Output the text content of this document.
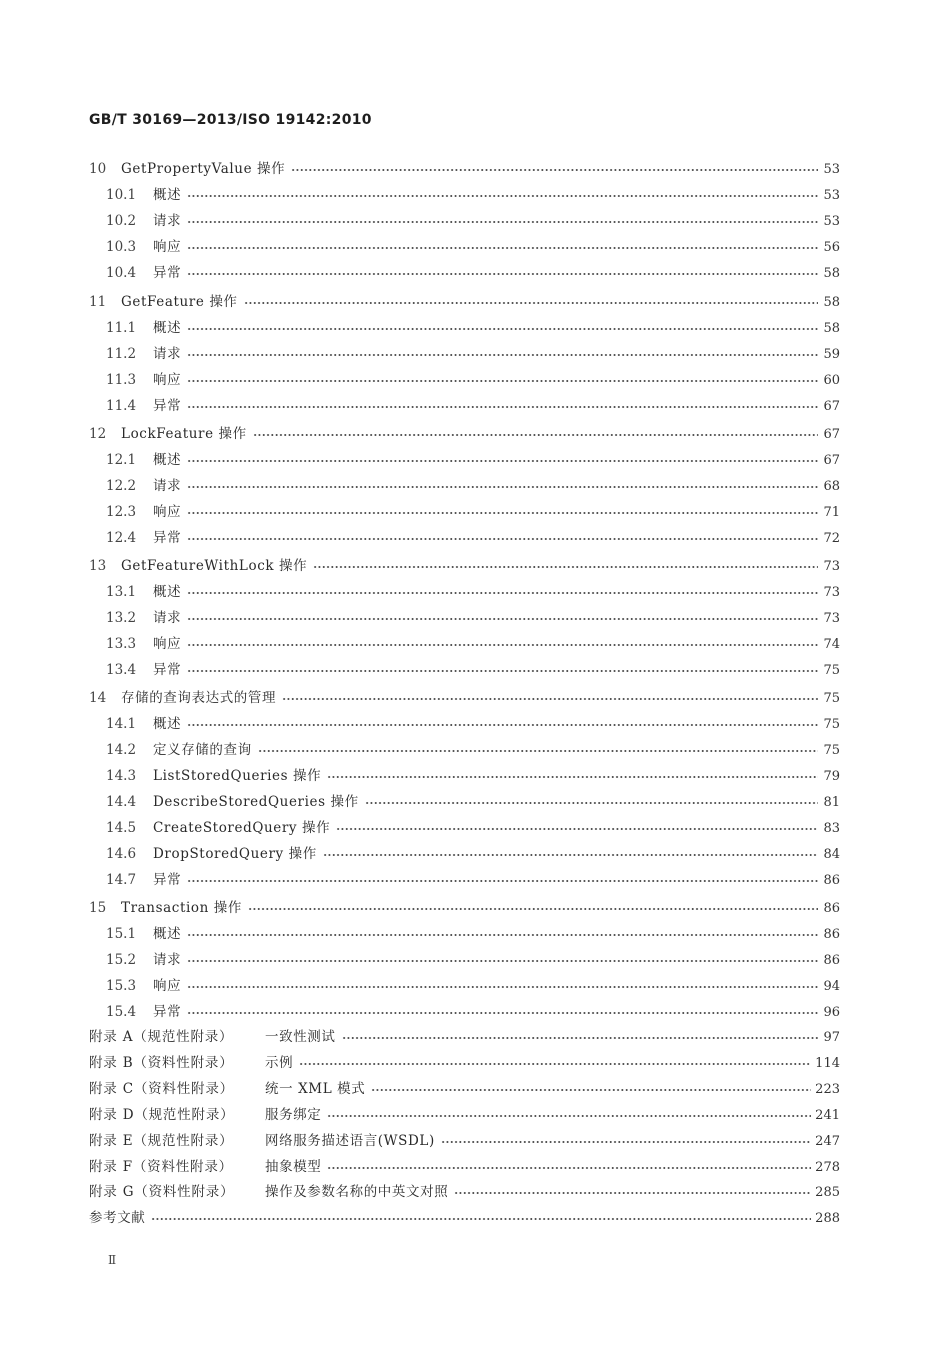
GB/T 30169—2013/ISO 19142:2010
10	GetPropertyValue 操作	53
10.1	概述	53
10.2	请求	53
10.3	响应	56
10.4	异常	58
11	GetFeature 操作	58
11.1	概述	58
11.2	请求	59
11.3	响应	60
11.4	异常	67
12	LockFeature 操作	67
12.1	概述	67
12.2	请求	68
12.3	响应	71
12.4	异常	72
13	GetFeatureWithLock 操作	73
13.1	概述	73
13.2	请求	73
13.3	响应	74
13.4	异常	75
14	存储的查询表达式的管理	75
14.1	概述	75
14.2	定义存储的查询	75
14.3	ListStoredQueries 操作	79
14.4	DescribeStoredQueries 操作	81
14.5	CreateStoredQuery 操作	83
14.6	DropStoredQuery 操作	84
14.7	异常	86
15	Transaction 操作	86
15.1	概述	86
15.2	请求	86
15.3	响应	94
15.4	异常	96
附录 A（规范性附录）	一致性测试	97
附录 B（资料性附录）	示例	114
附录 C（资料性附录）	统一 XML 模式	223
附录 D（规范性附录）	服务绑定	241
附录 E（规范性附录）	网络服务描述语言(WSDL)	247
附录 F（资料性附录）	抽象模型	278
附录 G（资料性附录）	操作及参数名称的中英文对照	285
参考文献	288
Ⅱ
